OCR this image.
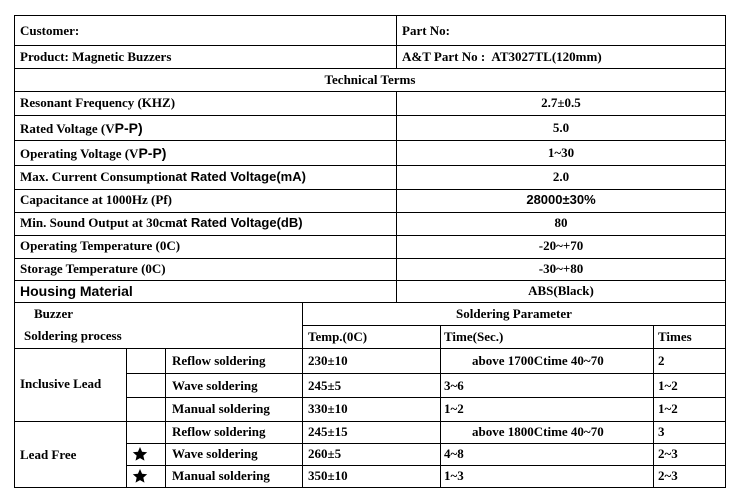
Customer:	Part No:
Product: Magnetic Buzzers	A&T Part No : AT3027TL(120mm)
Technical Terms
Resonant Frequency (KHZ)	2.7±0.5
Rated Voltage (VP-P)	5.0
Operating Voltage (VP-P)	1~30
Max. Current Consumptionat Rated Voltage(mA)	2.0
Capacitance at 1000Hz (Pf)	28000±30%
Min. Sound Output at 30cmat Rated Voltage(dB)	80
Operating Temperature (0C)	-20~+70
Storage Temperature (0C)	-30~+80
Housing Material	ABS(Black)
Buzzer
Soldering process
Soldering Parameter
Temp.(0C)	Time(Sec.)	Times
Inclusive Lead
Reflow soldering	230±10	above 1700Ctime 40~70	2
Wave soldering	245±5	3~6	1~2
Manual soldering	330±10	1~2	1~2
Lead Free
Reflow soldering	245±15	above 1800Ctime 40~70	3
Wave soldering	260±5	4~8	2~3
Manual soldering	350±10	1~3	2~3
